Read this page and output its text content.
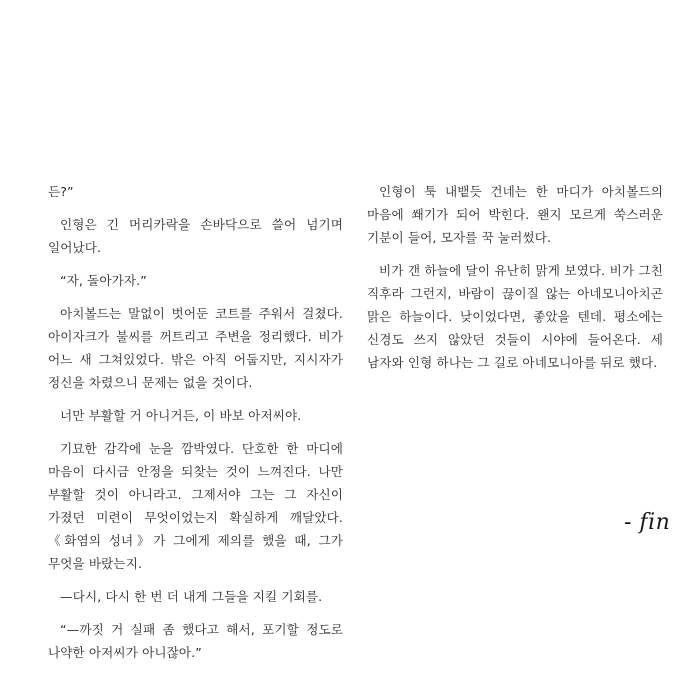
든?”

인형은 긴 머리카락을 손바닥으로 쓸어 넘기며 일어났다.

“자, 돌아가자.”

아치볼드는 말없이 벗어둔 코트를 주워서 걸쳤다. 아이자크가 불씨를 꺼트리고 주변을 정리했다. 비가 어느 새 그쳐있었다. 밖은 아직 어둡지만, 지시자가 정신을 차렸으니 문제는 없을 것이다.

너만 부활할 거 아니거든, 이 바보 아저씨야.

기묘한 감각에 눈을 깜박였다. 단호한 한 마디에 마음이 다시금 안정을 되찾는 것이 느껴진다. 나만 부활할 것이 아니라고. 그제서야 그는 그 자신이 가졌던 미련이 무엇이었는지 확실하게 깨달았다. 《화염의 성녀》가 그에게 제의를 했을 때, 그가 무엇을 바랐는지.

—다시, 다시 한 번 더 내게 그들을 지킬 기회를.

“—까짓 거 실패 좀 했다고 해서, 포기할 정도로 나약한 아저씨가 아니잖아.”

인형이 툭 내뱉듯 건네는 한 마디가 아치볼드의 마음에 쐐기가 되어 박힌다. 왠지 모르게 쑥스러운 기분이 들어, 모자를 꾹 눌러썼다.

비가 갠 하늘에 달이 유난히 맑게 보였다. 비가 그친 직후라 그런지, 바람이 끊이질 않는 아네모니아치곤 맑은 하늘이다. 낮이었다면, 좋았을 텐데. 평소에는 신경도 쓰지 않았던 것들이 시야에 들어온다. 세 남자와 인형 하나는 그 길로 아네모니아를 뒤로 했다.

- fin
